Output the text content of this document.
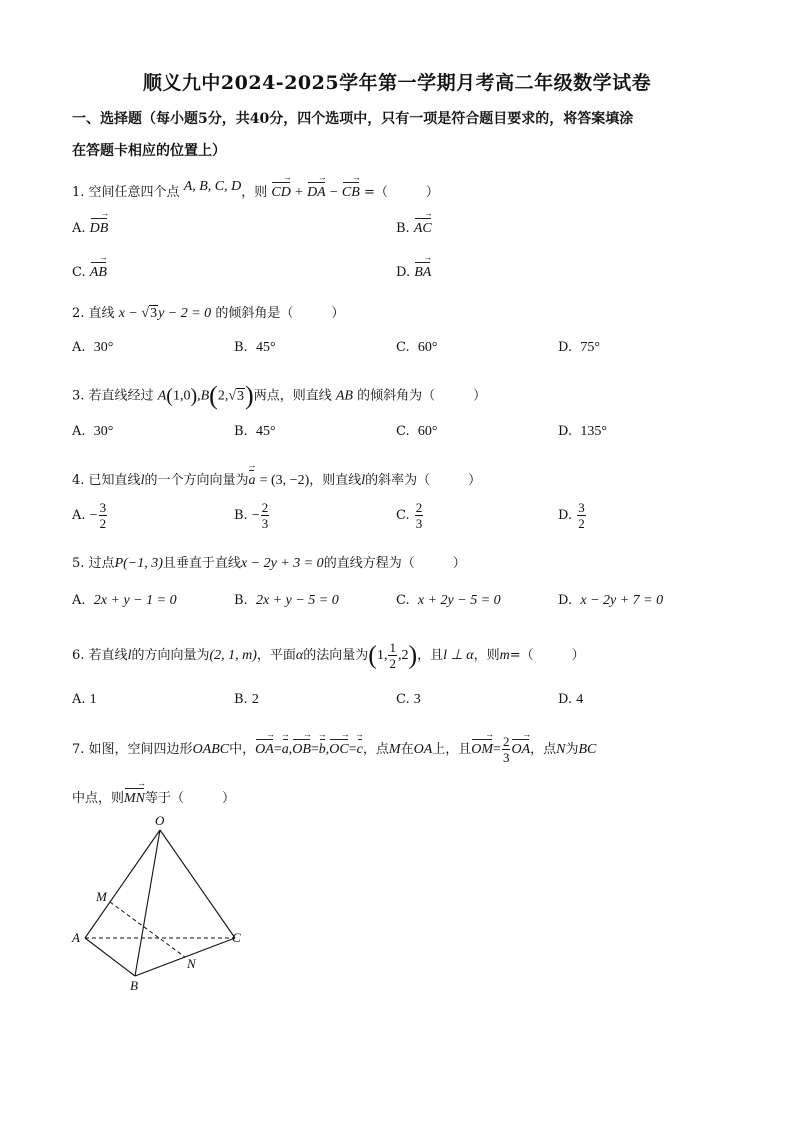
顺义九中2024-2025学年第一学期月考高二年级数学试卷
一、选择题（每小题5分，共40分，四个选项中，只有一项是符合题目要求的，将答案填涂
在答题卡相应的位置上）
1. 空间任意四个点 A, B, C, D，则 CD → + DA → − CB → =（	）
A. DB →	B. AC →
C. AB →	D. BA →
2. 直线 x − √3y − 2 = 0 的倾斜角是（	）
A. 30°	B. 45°	C. 60°	D. 75°
3. 若直线经过 A(1,0),B(2,√3)两点，则直线 AB 的倾斜角为（	）
A. 30°	B. 45°	C. 60°	D. 135°
4. 已知直线l的一个方向向量为a → = (3, −2)，则直线l的斜率为（	）
A. − $\frac{3}{2}$	B. − $\frac{2}{3}$	C. $\frac{2}{3}$	D. $\frac{3}{2}$
5. 过点P(−1, 3)且垂直于直线x − 2y + 3 = 0的直线方程为（	）
A. 2x + y − 1 = 0	B. 2x + y − 5 = 0	C. x + 2y − 5 = 0	D. x − 2y + 7 = 0
6. 若直线l的方向向量为(2, 1, m)，平面α的法向量为(1, $\frac{1}{2} ,2$)，且l ⊥ α，则m=（	）
A. 1	B. 2	C. 3	D. 4
7. 如图，空间四边形OABC中，OA →=a →,OB →=b →,OC →=c →，点M在OA上，且OM →= $\frac{2}{3}$ OA →，点N为BC
中点，则MN →等于（	）
O
A
B
C
M
N
